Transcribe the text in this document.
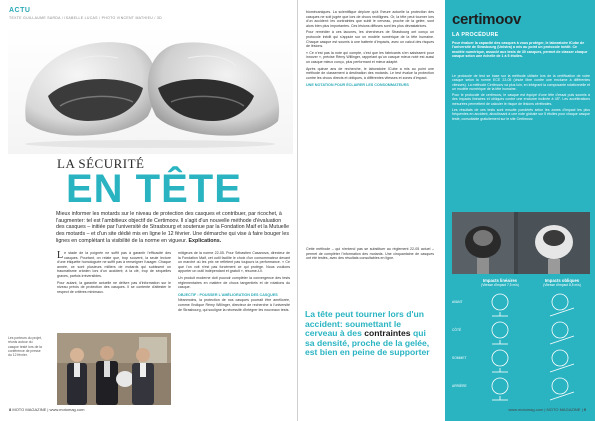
ACTU
TEXTE GUILLAUME SARDA / ISABELLE LUCAS / PHOTO VINCENT MATHIEU / 3D
LA SÉCURITÉ
EN TÊTE
Mieux informer les motards sur le niveau de protection des casques et contribuer, par ricochet, à l'augmenter: tel est l'ambitieux objectif de Certimoov. Il s'agit d'un nouvelle méthode d'évaluation des casques – initiée par l'université de Strasbourg et soutenue par la Fondation Maif et la Mutuelle des motards – et d'un site dédié mis en ligne le 12 février. Une démarche qui vise à faire bouger les lignes en complétant la visibilité de la norme en vigueur. Explications.

Le stade de la poignée ne suffit pas à garantir l'efficacité des casques. Pourtant, on relate que, trop souvent, la seule lecture d'une étiquette homologuée ne suffit pas à renseigner l'usager. Chaque année, ce sont plusieurs milliers de motards qui subissent un traumatisme crânien lors d'un accident; à la clé, trop de séquelles graves, parfois irréversibles.

Pour autant, la garantie actuelle ne délivre pas d'information sur le niveau précis de protection des casques. Il se contente d'attester le respect de critères minimaux.

mitigeurs de la norme 22-05. Pour Sébastien Casanova, directeur de la Fondation Maif, cet outil facilite le choix d'un consommateur devant un marché où les prix ne reflètent pas toujours la performance. « Ce que l'on voit n'est pas forcément ce qui protège. Nous voulions apporter un outil indépendant et gratuit », résume-t-il.

Un produit moderne doit pouvoir compléter la convergence des tests réglementaires en matière de chocs tangentiels et de rotations du casque.

OBJECTIF : POUSSER L'AMÉLIORATION DES CASQUES

Néanmoins, la protection de nos casques pourrait être améliorée, comme l'indique Rémy Willinger, directeur de recherche à l'université de Strasbourg, qui souligne la nécessité d'intégrer les nouveaux tests.

Les porteurs du projet, réunis autour du casque testé lors de la conférence de presse du 12 février.
8 MOTO MAGAZINE | www.motomag.com

biomécaniques. La scientifique déplore qu'à l'heure actuelle la protection des casques ne soit jugée que lors de chocs rectilignes. Or, la tête peut tourner lors d'un accident: les contraintes que subit le cerveau, proche de la gelée, sont alors bien plus importantes. Ces lésions diffuses sont les plus dévastatrices.

Pour remédier à ces lacunes, les chercheurs de Strasbourg ont conçu un protocole inédit qui s'appuie sur un modèle numérique de la tête humaine. Chaque casque est soumis à une batterie d'impacts, avec un calcul des risques de lésions.

« Ce n'est pas la note qui compte, c'est que les fabricants s'en saisissent pour innover », précise Rémy Willinger, rappelant qu'un casque mieux noté est aussi un casque mieux conçu, plus performant et mieux adapté.

Après quinze ans de recherche, le laboratoire ICube a mis au point une méthode de classement à destination des motards. Le test évalue la protection contre les chocs directs et obliques, à différentes vitesses et zones d'impact.

UNE NOTATION POUR ÉCLAIRER LES CONSOMMATEURS
Cette méthode – qui n'entend pas se substituer au règlement 22-05 actuel – permet de compléter l'information des motards. Une cinquantaine de casques ont été testés, avec des résultats consultables en ligne.
La tête peut tourner lors d'un accident: soumettant le cerveau à des contraintes qui sa densité, proche de la gelée, est bien en peine de supporter
certimoov
LA PROCÉDURE
Pour évaluer la capacité des casques à vous protéger, le laboratoire ICube de l'université de Strasbourg (Unistra) a mis au point un protocole inédit. Ce modèle numérique, associé aux tests de 30 casques, permet de classer chaque casque selon une échelle de 1 à 5 étoiles.

Le protocole de test se base sur la méthode utilisée lors de la certification de votre casque selon la norme ECE 22-05 (chute libre contre une enclume à différentes vitesses). La méthode Certimoov va plus loin, en intégrant la composante rotationnelle et un modèle numérique de la tête humaine.

Pour le protocole de certimoov, le casque est équipé d'une tête d'essai puis soumis à des impacts linéaires et obliques contre une enclume inclinée à 45°. Les accélérations mesurées permettent de calculer le risque de lésions cérébrales.

Les résultats de ces tests sont ensuite pondérés selon les zones d'impact les plus fréquentes en accident, aboutissant à une note globale sur 5 étoiles pour chaque casque testé, consultable gratuitement sur le site Certimoov.

Impacts linéaires
(Vitesse d'impact 7,5 m/s)
Impacts obliques
(Vitesse d'impact 8,5 m/s)
AVANT
CÔTÉ
SOMMET
ARRIÈRE
www.motomag.com | MOTO MAGAZINE | 9
